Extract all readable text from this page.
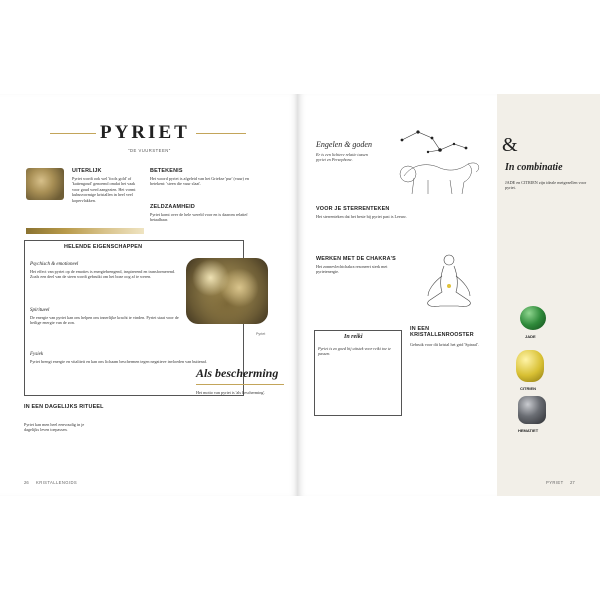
PYRIET
"DE VUURSTEEN"
UITERLIJK
Pyriet wordt ook wel 'fools gold' of 'kattengoud' genoemd omdat het vaak voor goud werd aangezien. Het vormt kubusvormige kristallen in heel veel kopervlakken.
BETEKENIS
Het woord pyriet is afgeleid van het Griekse 'pur' (vuur) en betekent: 'steen die vuur slaat'.
ZELDZAAMHEID
Pyriet komt over de hele wereld voor en is daarom relatief betaalbaar.
HELENDE EIGENSCHAPPEN
Psychisch & emotioneel
Het effect van pyriet op de emoties is energiebrengend, inspirerend en transformerend. Zoals een deel van de steen wordt gebruikt om het boze oog af te weren.
Spiritueel
De energie van pyriet kan ons helpen ons innerlijke kracht te vinden. Pyriet staat voor de heilige energie van de zon.
Fysiek
Pyriet brengt energie en vitaliteit en kan ons lichaam beschermen tegen negatieve invloeden van buitenaf.
Pyriet
IN EEN DAGELIJKS RITUEEL
Pyriet kan men heel eenvoudig in je dagelijks leven toepassen.
Als bescherming
Het motto van pyriet is 'als bescherming'.
26 KRISTALLENGIDS
Engelen & goden
Er is een lichtere relatie tussen pyriet en Perzephone.
VOOR JE STERRENTEKEN
Het sterrenteken dat het beste bij pyriet past is Leeuw.
WERKEN MET DE CHAKRA'S
Het zonnevlechtchakra resoneert sterk met pyrietenergie.
In reiki
Pyriet is zo goed bij uitstek voor reiki toe te passen.
IN EEN KRISTALLENROOSTER
Gebruik voor dit kristal het grid 'Spiraal'.
&
In combinatie
JADE en CITRIEN zijn ideale metgezellen voor pyriet.
JADE
CITRIEN
HEMATIET
PYRIET 27
